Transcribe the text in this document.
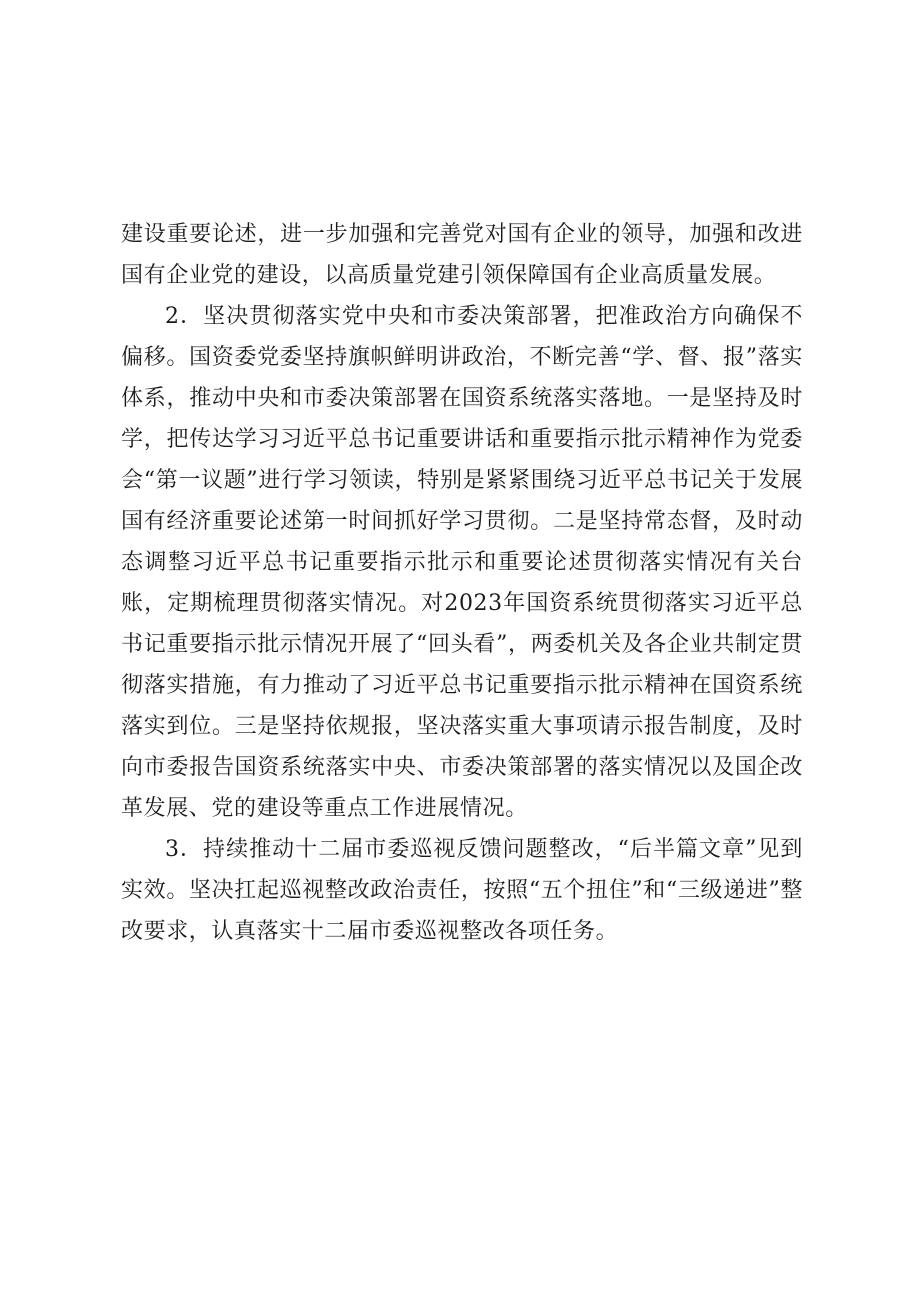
建设重要论述，进一步加强和完善党对国有企业的领导，加强和改进国有企业党的建设，以高质量党建引领保障国有企业高质量发展。

2．坚决贯彻落实党中央和市委决策部署，把准政治方向确保不偏移。国资委党委坚持旗帜鲜明讲政治，不断完善“学、督、报”落实体系，推动中央和市委决策部署在国资系统落实落地。一是坚持及时学，把传达学习习近平总书记重要讲话和重要指示批示精神作为党委会“第一议题”进行学习领读，特别是紧紧围绕习近平总书记关于发展国有经济重要论述第一时间抓好学习贯彻。二是坚持常态督，及时动态调整习近平总书记重要指示批示和重要论述贯彻落实情况有关台账，定期梳理贯彻落实情况。对2023年国资系统贯彻落实习近平总书记重要指示批示情况开展了“回头看”，两委机关及各企业共制定贯彻落实措施，有力推动了习近平总书记重要指示批示精神在国资系统落实到位。三是坚持依规报，坚决落实重大事项请示报告制度，及时向市委报告国资系统落实中央、市委决策部署的落实情况以及国企改革发展、党的建设等重点工作进展情况。

3．持续推动十二届市委巡视反馈问题整改，“后半篇文章”见到实效。坚决扛起巡视整改政治责任，按照“五个扭住”和“三级递进”整改要求，认真落实十二届市委巡视整改各项任务。
